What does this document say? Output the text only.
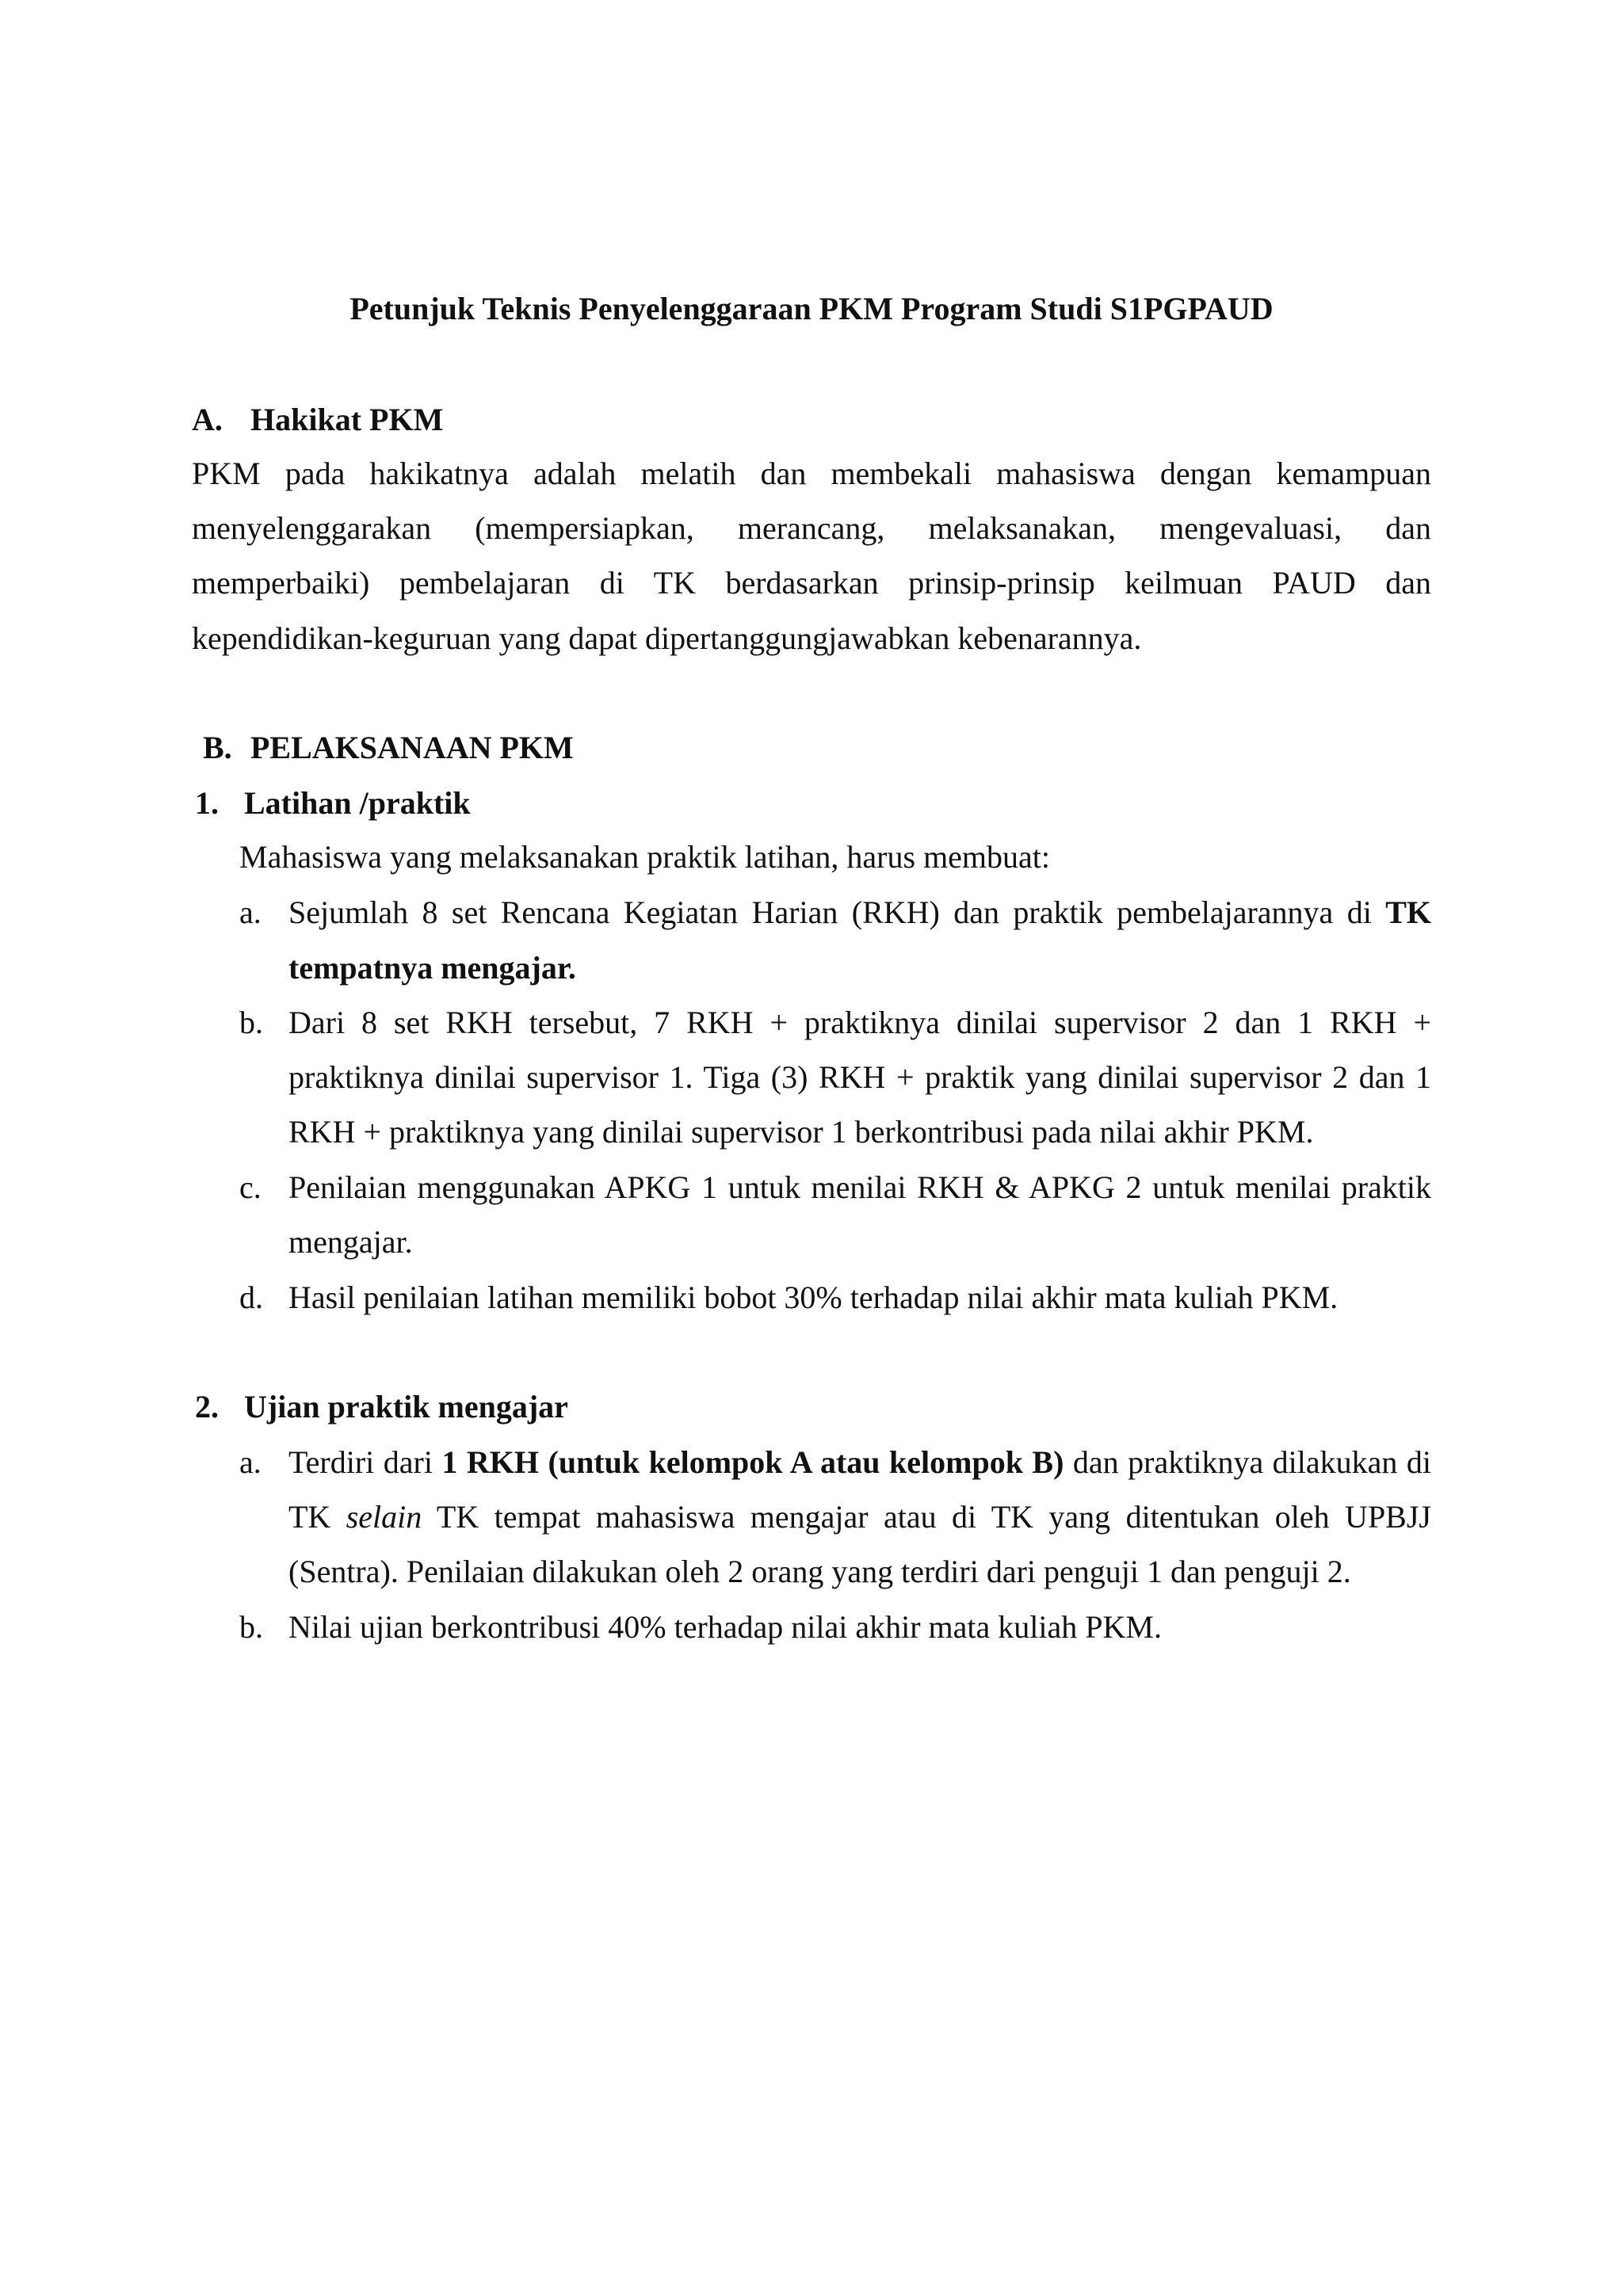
Petunjuk Teknis Penyelenggaraan PKM Program Studi S1PGPAUD
A. Hakikat PKM
PKM pada hakikatnya adalah melatih dan membekali mahasiswa dengan kemampuan
menyelenggarakan (mempersiapkan, merancang, melaksanakan, mengevaluasi, dan
memperbaiki) pembelajaran di TK berdasarkan prinsip-prinsip keilmuan PAUD dan
kependidikan-keguruan yang dapat dipertanggungjawabkan kebenarannya.
B. PELAKSANAAN PKM
1. Latihan /praktik
Mahasiswa yang melaksanakan praktik latihan, harus membuat:
a. Sejumlah 8 set Rencana Kegiatan Harian (RKH) dan praktik pembelajarannya di TK
tempatnya mengajar.
b. Dari 8 set RKH tersebut, 7 RKH + praktiknya dinilai supervisor 2 dan 1 RKH +
praktiknya dinilai supervisor 1. Tiga (3) RKH + praktik yang dinilai supervisor 2 dan 1
RKH + praktiknya yang dinilai supervisor 1 berkontribusi pada nilai akhir PKM.
c. Penilaian menggunakan APKG 1 untuk menilai RKH & APKG 2 untuk menilai praktik
mengajar.
d. Hasil penilaian latihan memiliki bobot 30% terhadap nilai akhir mata kuliah PKM.
2. Ujian praktik mengajar
a. Terdiri dari 1 RKH (untuk kelompok A atau kelompok B) dan praktiknya dilakukan di
TK selain TK tempat mahasiswa mengajar atau di TK yang ditentukan oleh UPBJJ
(Sentra). Penilaian dilakukan oleh 2 orang yang terdiri dari penguji 1 dan penguji 2.
b. Nilai ujian berkontribusi 40% terhadap nilai akhir mata kuliah PKM.
